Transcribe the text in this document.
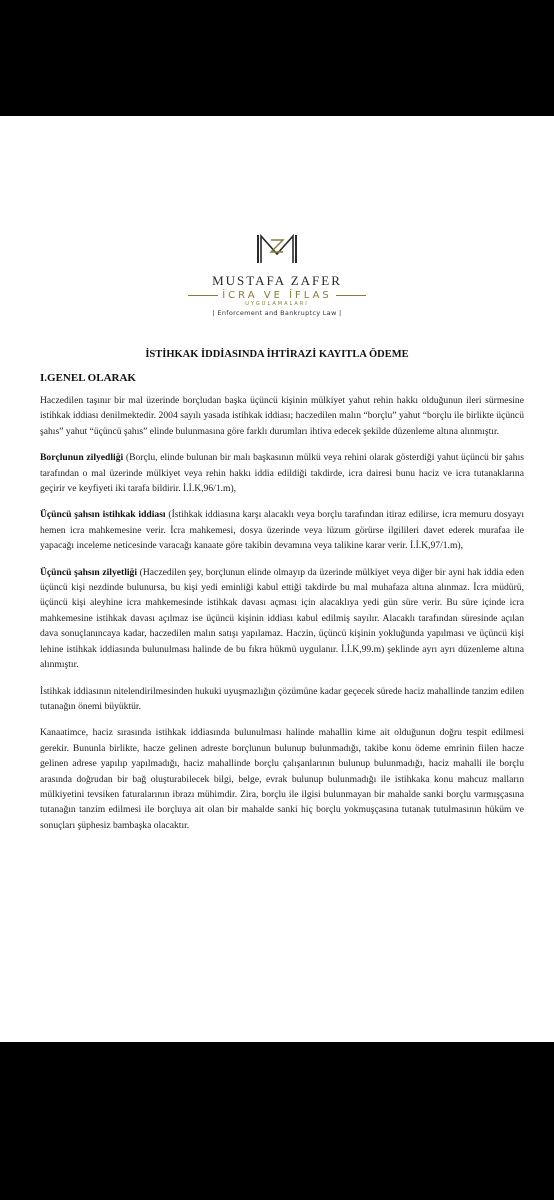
MUSTAFA ZAFER
İCRA VE İFLAS
UYGULAMALARI
| Enforcement and Bankruptcy Law |
İSTİHKAK İDDİASINDA İHTİRAZİ KAYITLA ÖDEME
I.GENEL OLARAK

Haczedilen taşınır bir mal üzerinde borçludan başka üçüncü kişinin mülkiyet yahut rehin hakkı olduğunun ileri sürmesine istihkak iddiası denilmektedir. 2004 sayılı yasada istihkak iddiası; haczedilen malın “borçlu” yahut “borçlu ile birlikte üçüncü şahıs” yahut “üçüncü şahıs” elinde bulunmasına göre farklı durumları ihtiva edecek şekilde düzenleme altına alınmıştır.

Borçlunun zilyedliği (Borçlu, elinde bulunan bir malı başkasının mülkü veya rehini olarak gösterdiği yahut üçüncü bir şahıs tarafından o mal üzerinde mülkiyet veya rehin hakkı iddia edildiği takdirde, icra dairesi bunu haciz ve icra tutanaklarına geçirir ve keyfiyeti iki tarafa bildirir. İ.İ.K,96/1.m),

Üçüncü şahsın istihkak iddiası (İstihkak iddiasına karşı alacaklı veya borçlu tarafından itiraz edilirse, icra memuru dosyayı hemen icra mahkemesine verir. İcra mahkemesi, dosya üzerinde veya lüzum görürse ilgilileri davet ederek murafaa ile yapacağı inceleme neticesinde varacağı kanaate göre takibin devamına veya talikine karar verir. İ.İ.K,97/1.m),

Üçüncü şahsın zilyetliği (Haczedilen şey, borçlunun elinde olmayıp da üzerinde mülkiyet veya diğer bir ayni hak iddia eden üçüncü kişi nezdinde bulunursa, bu kişi yedi eminliği kabul ettiği takdirde bu mal muhafaza altına alınmaz. İcra müdürü, üçüncü kişi aleyhine icra mahkemesinde istihkak davası açması için alacaklıya yedi gün süre verir. Bu süre içinde icra mahkemesine istihkak davası açılmaz ise üçüncü kişinin iddiası kabul edilmiş sayılır. Alacaklı tarafından süresinde açılan dava sonuçlanıncaya kadar, haczedilen malın satışı yapılamaz. Haczin, üçüncü kişinin yokluğunda yapılması ve üçüncü kişi lehine istihkak iddiasında bulunulması halinde de bu fıkra hükmü uygulanır. İ.İ.K,99.m) şeklinde ayrı ayrı düzenleme altına alınmıştır.

İstihkak iddiasının nitelendirilmesinden hukuki uyuşmazlığın çözümüne kadar geçecek sürede haciz mahallinde tanzim edilen tutanağın önemi büyüktür.

Kanaatimce, haciz sırasında istihkak iddiasında bulunulması halinde mahallin kime ait olduğunun doğru tespit edilmesi gerekir. Bununla birlikte, hacze gelinen adreste borçlunun bulunup bulunmadığı, takibe konu ödeme emrinin fiilen hacze gelinen adrese yapılıp yapılmadığı, haciz mahallinde borçlu çalışanlarının bulunup bulunmadığı, haciz mahalli ile borçlu arasında doğrudan bir bağ oluşturabilecek bilgi, belge, evrak bulunup bulunmadığı ile istihkaka konu mahcuz malların mülkiyetini tevsiken faturalarının ibrazı mühimdir. Zira, borçlu ile ilgisi bulunmayan bir mahalde sanki borçlu varmışçasına tutanağın tanzim edilmesi ile borçluya ait olan bir mahalde sanki hiç borçlu yokmuşçasına tutanak tutulmasının hüküm ve sonuçları şüphesiz bambaşka olacaktır.
